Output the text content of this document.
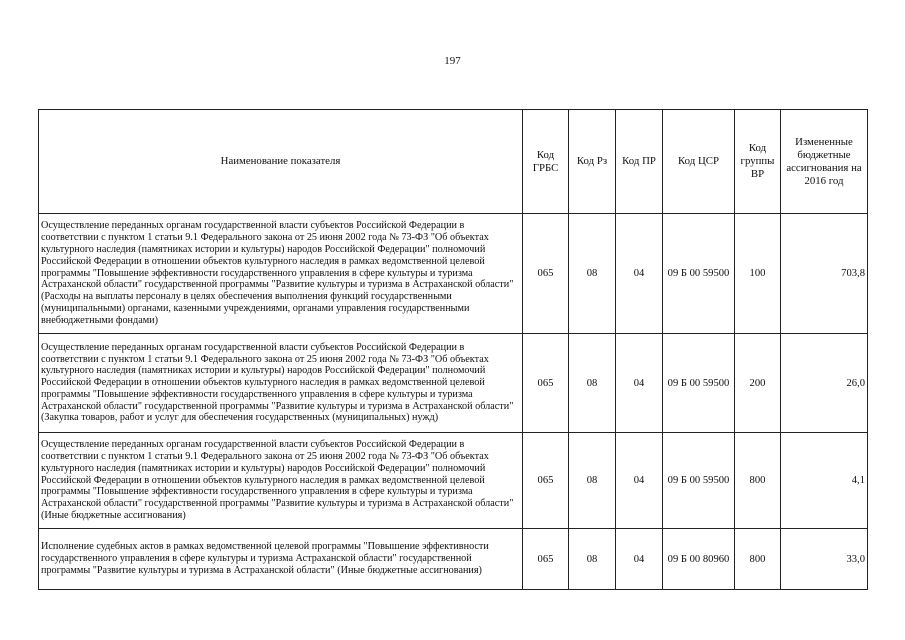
197
Наименование показателя	Код ГРБС	Код Рз	Код ПР	Код ЦСР	Код группы ВР	Измененные бюджетные ассигнования на 2016 год
Осуществление переданных органам государственной власти субъектов Российской Федерации в соответствии с пунктом 1 статьи 9.1 Федерального закона от 25 июня 2002 года № 73-ФЗ "Об объектах культурного наследия (памятниках истории и культуры) народов Российской Федерации" полномочий Российской Федерации в отношении объектов культурного наследия в рамках ведомственной целевой программы "Повышение эффективности государственного управления в сфере культуры и туризма Астраханской области" государственной программы "Развитие культуры и туризма в Астраханской области" (Расходы на выплаты персоналу в целях обеспечения выполнения функций государственными (муниципальными) органами, казенными учреждениями, органами управления государственными внебюджетными фондами)	065	08	04	09 Б 00 59500	100	703,8
Осуществление переданных органам государственной власти субъектов Российской Федерации в соответствии с пунктом 1 статьи 9.1 Федерального закона от 25 июня 2002 года № 73-ФЗ "Об объектах культурного наследия (памятниках истории и культуры) народов Российской Федерации" полномочий Российской Федерации в отношении объектов культурного наследия в рамках ведомственной целевой программы "Повышение эффективности государственного управления в сфере культуры и туризма Астраханской области" государственной программы "Развитие культуры и туризма в Астраханской области" (Закупка товаров, работ и услуг для обеспечения государственных (муниципальных) нужд)	065	08	04	09 Б 00 59500	200	26,0
Осуществление переданных органам государственной власти субъектов Российской Федерации в соответствии с пунктом 1 статьи 9.1 Федерального закона от 25 июня 2002 года № 73-ФЗ "Об объектах культурного наследия (памятниках истории и культуры) народов Российской Федерации" полномочий Российской Федерации в отношении объектов культурного наследия в рамках ведомственной целевой программы "Повышение эффективности государственного управления в сфере культуры и туризма Астраханской области" государственной программы "Развитие культуры и туризма в Астраханской области" (Иные бюджетные ассигнования)	065	08	04	09 Б 00 59500	800	4,1
Исполнение судебных актов в рамках ведомственной целевой программы "Повышение эффективности государственного управления в сфере культуры и туризма Астраханской области" государственной программы "Развитие культуры и туризма в Астраханской области" (Иные бюджетные ассигнования)	065	08	04	09 Б 00 80960	800	33,0
